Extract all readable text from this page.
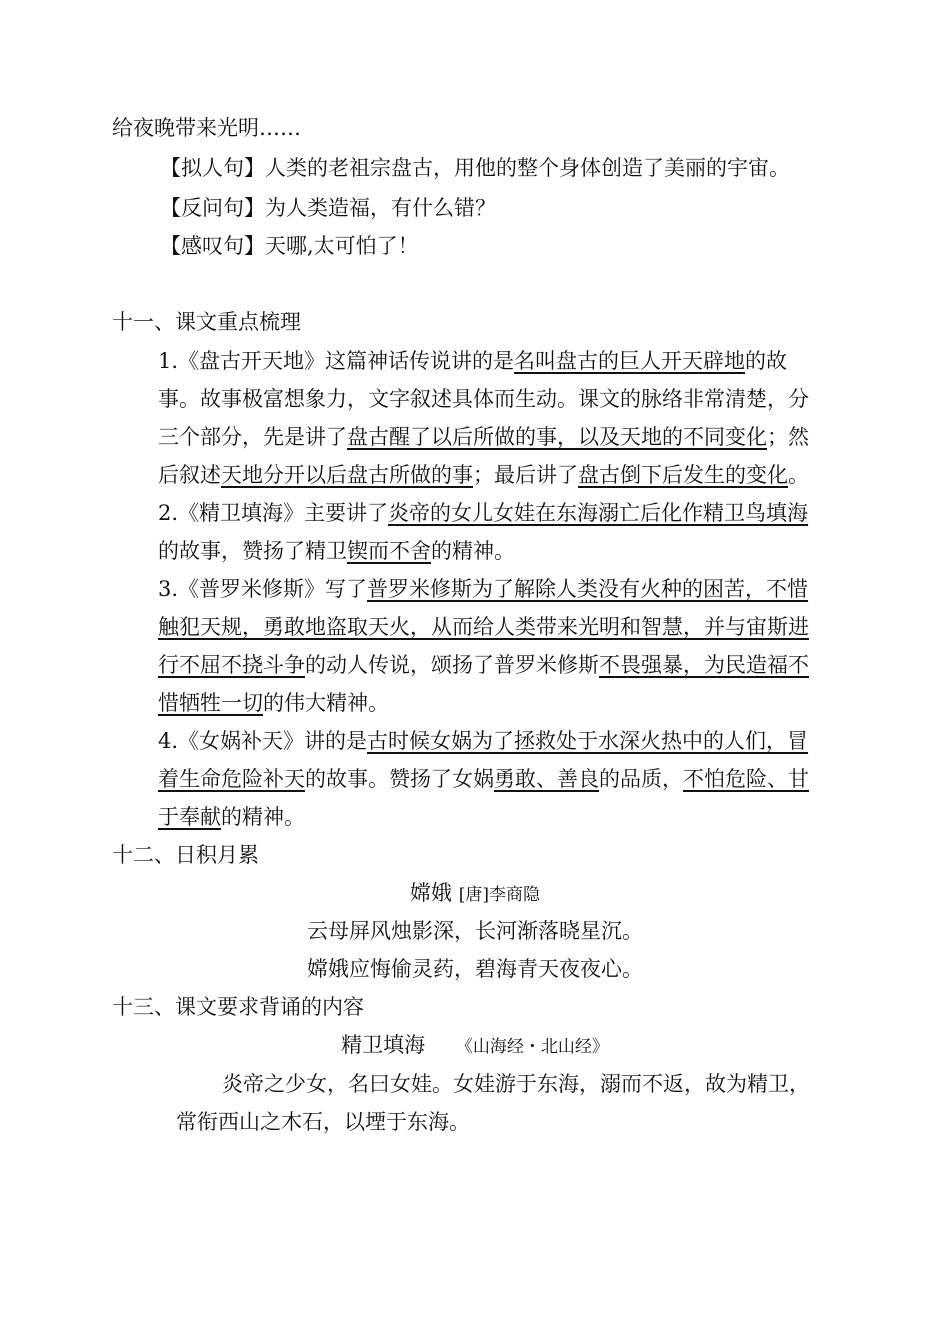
给夜晚带来光明……
【拟人句】人类的老祖宗盘古，用他的整个身体创造了美丽的宇宙。
【反问句】为人类造福，有什么错？
【感叹句】天哪,太可怕了！
十一、课文重点梳理
1.《盘古开天地》这篇神话传说讲的是名叫盘古的巨人开天辟地的故
事。故事极富想象力，文字叙述具体而生动。课文的脉络非常清楚，分
三个部分，先是讲了盘古醒了以后所做的事，以及天地的不同变化；然
后叙述天地分开以后盘古所做的事；最后讲了盘古倒下后发生的变化。
2.《精卫填海》主要讲了炎帝的女儿女娃在东海溺亡后化作精卫鸟填海
的故事，赞扬了精卫锲而不舍的精神。
3.《普罗米修斯》写了普罗米修斯为了解除人类没有火种的困苦，不惜
触犯天规，勇敢地盗取天火，从而给人类带来光明和智慧，并与宙斯进
行不屈不挠斗争的动人传说，颂扬了普罗米修斯不畏强暴，为民造福不
惜牺牲一切的伟大精神。
4.《女娲补天》讲的是古时候女娲为了拯救处于水深火热中的人们，冒
着生命危险补天的故事。赞扬了女娲勇敢、善良的品质，不怕危险、甘
于奉献的精神。
十二、日积月累
嫦娥 [唐]李商隐
云母屏风烛影深，长河渐落晓星沉。
嫦娥应悔偷灵药，碧海青天夜夜心。
十三、课文要求背诵的内容
精卫填海 《山海经・北山经》
炎帝之少女，名曰女娃。女娃游于东海，溺而不返，故为精卫，
常衔西山之木石，以堙于东海。
